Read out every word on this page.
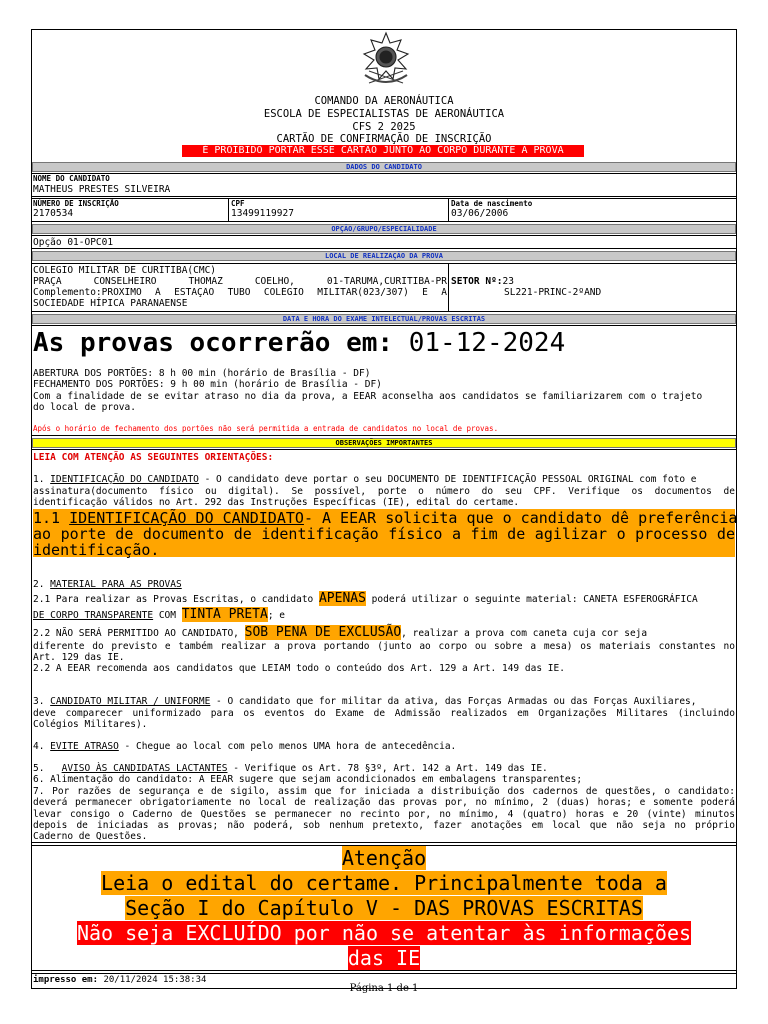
COMANDO DA AERONÁUTICA
ESCOLA DE ESPECIALISTAS DE AERONÁUTICA
CFS 2 2025
CARTÃO DE CONFIRMAÇÃO DE INSCRIÇÃO
É PROIBIDO PORTAR ESSE CARTÃO JUNTO AO CORPO DURANTE A PROVA
DADOS DO CANDIDATO
NOME DO CANDIDATO
MATHEUS PRESTES SILVEIRA
NÚMERO DE INSCRIÇÃO
2170534
CPF
13499119927
Data de nascimento
03/06/2006
OPÇÃO/GRUPO/ESPECIALIDADE
Opção 01-OPC01
LOCAL DE REALIZAÇÃO DA PROVA
COLEGIO MILITAR DE CURITIBA(CMC)
PRAÇA CONSELHEIRO THOMAZ COELHO, 01-TARUMÃ,CURITIBA-PR
Complemento:PROXIMO À ESTAÇÃO TUBO COLÉGIO MILITAR(023/307) E A
SOCIEDADE HÍPICA PARANAENSE
SETOR Nº:23
SL221-PRINC-2ºAND
DATA E HORA DO EXAME INTELECTUAL/PROVAS ESCRITAS
As provas ocorrerão em: 01-12-2024
ABERTURA DOS PORTÕES: 8 h 00 min (horário de Brasília - DF)
FECHAMENTO DOS PORTÕES: 9 h 00 min (horário de Brasília - DF)
Com a finalidade de se evitar atraso no dia da prova, a EEAR aconselha aos candidatos se familiarizarem com o trajeto
do local de prova.
Após o horário de fechamento dos portões não será permitida a entrada de candidatos no local de provas.
OBSERVAÇÕES IMPORTANTES
LEIA COM ATENÇÃO AS SEGUINTES ORIENTAÇÕES:
1. IDENTIFICAÇÃO DO CANDIDATO - O candidato deve portar o seu DOCUMENTO DE IDENTIFICAÇÃO PESSOAL ORIGINAL com foto e
assinatura(documento físico ou digital). Se possível, porte o número do seu CPF. Verifique os documentos de
identificação válidos no Art. 292 das Instruções Específicas (IE), edital do certame.
1.1 IDENTIFICAÇÃO DO CANDIDATO- A EEAR solicita que o candidato dê preferência
ao porte de documento de identificação físico a fim de agilizar o processo de
identificação.
2. MATERIAL PARA AS PROVAS
2.1 Para realizar as Provas Escritas, o candidato APENAS poderá utilizar o seguinte material: CANETA ESFEROGRÁFICA
DE CORPO TRANSPARENTE COM TINTA PRETA; e
2.2 NÃO SERÁ PERMITIDO AO CANDIDATO, SOB PENA DE EXCLUSÃO, realizar a prova com caneta cuja cor seja
diferente do previsto e também realizar a prova portando (junto ao corpo ou sobre a mesa) os materiais constantes no
Art. 129 das IE.
2.2 A EEAR recomenda aos candidatos que LEIAM todo o conteúdo dos Art. 129 a Art. 149 das IE.
3. CANDIDATO MILITAR / UNIFORME - O candidato que for militar da ativa, das Forças Armadas ou das Forças Auxiliares,
deve comparecer uniformizado para os eventos do Exame de Admissão realizados em Organizações Militares (incluindo
Colégios Militares).
4. EVITE ATRASO - Chegue ao local com pelo menos UMA hora de antecedência.
5.   AVISO ÀS CANDIDATAS LACTANTES - Verifique os Art. 78 §3º, Art. 142 a Art. 149 das IE.
6. Alimentação do candidato: A EEAR sugere que sejam acondicionados em embalagens transparentes;
7. Por razões de segurança e de sigilo, assim que for iniciada a distribuição dos cadernos de questões, o candidato:
deverá permanecer obrigatoriamente no local de realização das provas por, no mínimo, 2 (duas) horas; e somente poderá
levar consigo o Caderno de Questões se permanecer no recinto por, no mínimo, 4 (quatro) horas e 20 (vinte) minutos
depois de iniciadas as provas; não poderá, sob nenhum pretexto, fazer anotações em local que não seja no próprio
Caderno de Questões.
Atenção
Leia o edital do certame. Principalmente toda a
Seção I do Capítulo V - DAS PROVAS ESCRITAS
Não seja EXCLUÍDO por não se atentar às informações
das IE
impresso em: 20/11/2024 15:38:34
Página 1 de 1
